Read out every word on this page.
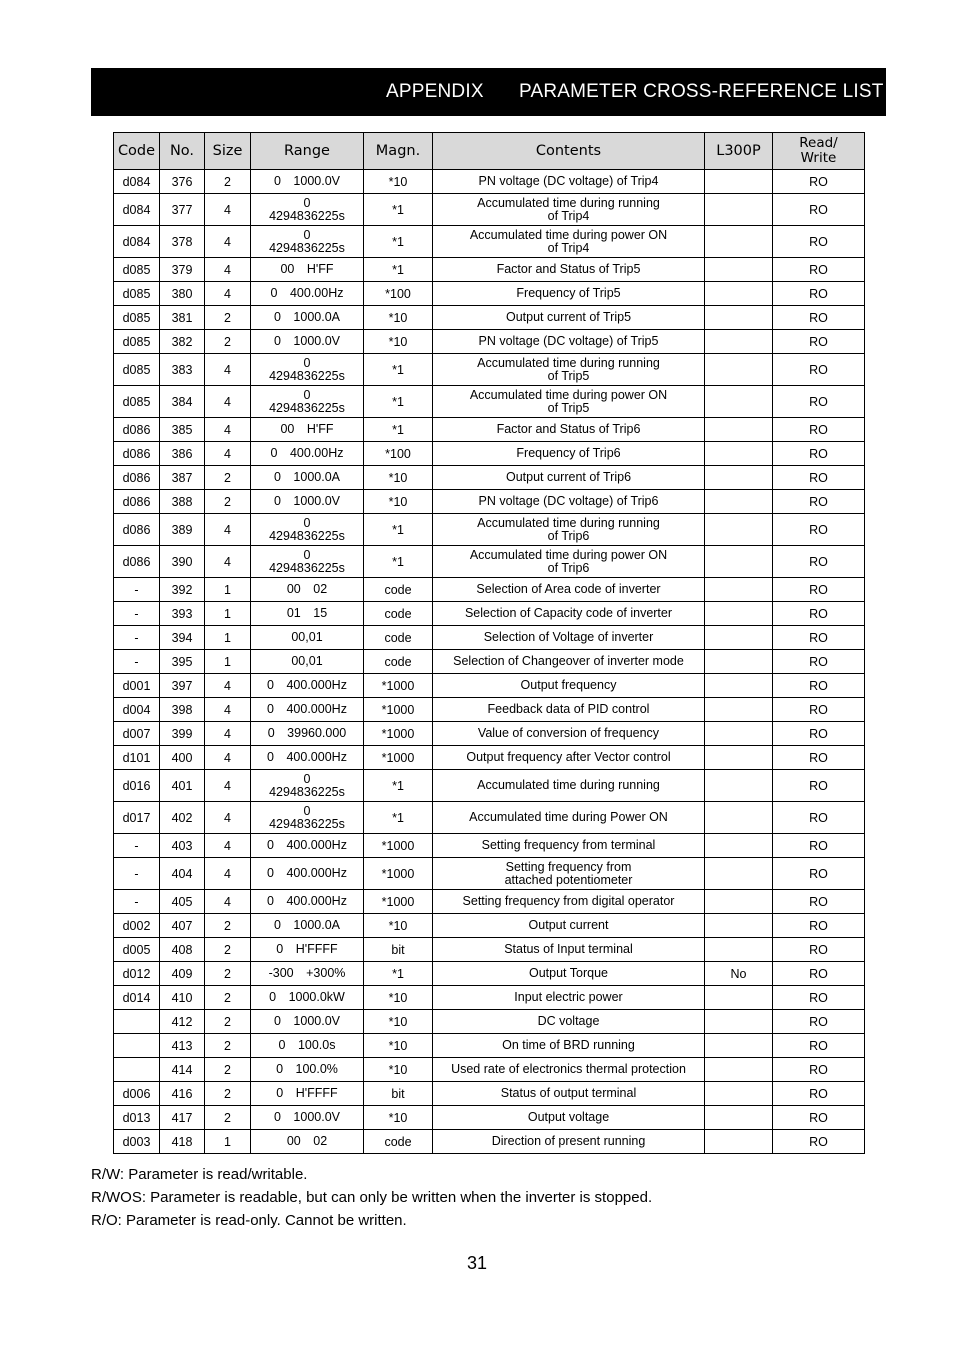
APPENDIX PARAMETER CROSS-REFERENCE LIST
Code	No.	Size	Range	Magn.	Contents	L300P	Read/
Write

d084	376	2	0　1000.0V	*10	PN voltage (DC voltage) of Trip4		RO
d084	377	4	0
4294836225s	*1	Accumulated time during running
of Trip4		RO
d084	378	4	0
4294836225s	*1	Accumulated time during power ON
of Trip4		RO
d085	379	4	00　H'FF	*1	Factor and Status of Trip5		RO
d085	380	4	0　400.00Hz	*100	Frequency of Trip5		RO
d085	381	2	0　1000.0A	*10	Output current of Trip5		RO
d085	382	2	0　1000.0V	*10	PN voltage (DC voltage) of Trip5		RO
d085	383	4	0
4294836225s	*1	Accumulated time during running
of Trip5		RO
d085	384	4	0
4294836225s	*1	Accumulated time during power ON
of Trip5		RO
d086	385	4	00　H'FF	*1	Factor and Status of Trip6		RO
d086	386	4	0　400.00Hz	*100	Frequency of Trip6		RO
d086	387	2	0　1000.0A	*10	Output current of Trip6		RO
d086	388	2	0　1000.0V	*10	PN voltage (DC voltage) of Trip6		RO
d086	389	4	0
4294836225s	*1	Accumulated time during running
of Trip6		RO
d086	390	4	0
4294836225s	*1	Accumulated time during power ON
of Trip6		RO
-	392	1	00　02	code	Selection of Area code of inverter		RO
-	393	1	01　15	code	Selection of Capacity code of inverter		RO
-	394	1	00,01	code	Selection of Voltage of inverter		RO
-	395	1	00,01	code	Selection of Changeover of inverter mode		RO
d001	397	4	0　400.000Hz	*1000	Output frequency		RO
d004	398	4	0　400.000Hz	*1000	Feedback data of PID control		RO
d007	399	4	0　39960.000	*1000	Value of conversion of frequency		RO
d101	400	4	0　400.000Hz	*1000	Output frequency after Vector control		RO
d016	401	4	0
4294836225s	*1	Accumulated time during running		RO
d017	402	4	0
4294836225s	*1	Accumulated time during Power ON		RO
-	403	4	0　400.000Hz	*1000	Setting frequency from terminal		RO
-	404	4	0　400.000Hz	*1000	Setting frequency from
attached potentiometer		RO
-	405	4	0　400.000Hz	*1000	Setting frequency from digital operator		RO
d002	407	2	0　1000.0A	*10	Output current		RO
d005	408	2	0　H'FFFF	bit	Status of Input terminal		RO
d012	409	2	-300　+300%	*1	Output Torque	No	RO
d014	410	2	0　1000.0kW	*10	Input electric power		RO
	412	2	0　1000.0V	*10	DC voltage		RO
	413	2	0　100.0s	*10	On time of BRD running		RO
	414	2	0　100.0%	*10	Used rate of electronics thermal protection		RO
d006	416	2	0　H'FFFF	bit	Status of output terminal		RO
d013	417	2	0　1000.0V	*10	Output voltage		RO
d003	418	1	00　02	code	Direction of present running		RO
R/W: Parameter is read/writable.
R/WOS: Parameter is readable, but can only be written when the inverter is stopped.
R/O: Parameter is read-only. Cannot be written.
31
